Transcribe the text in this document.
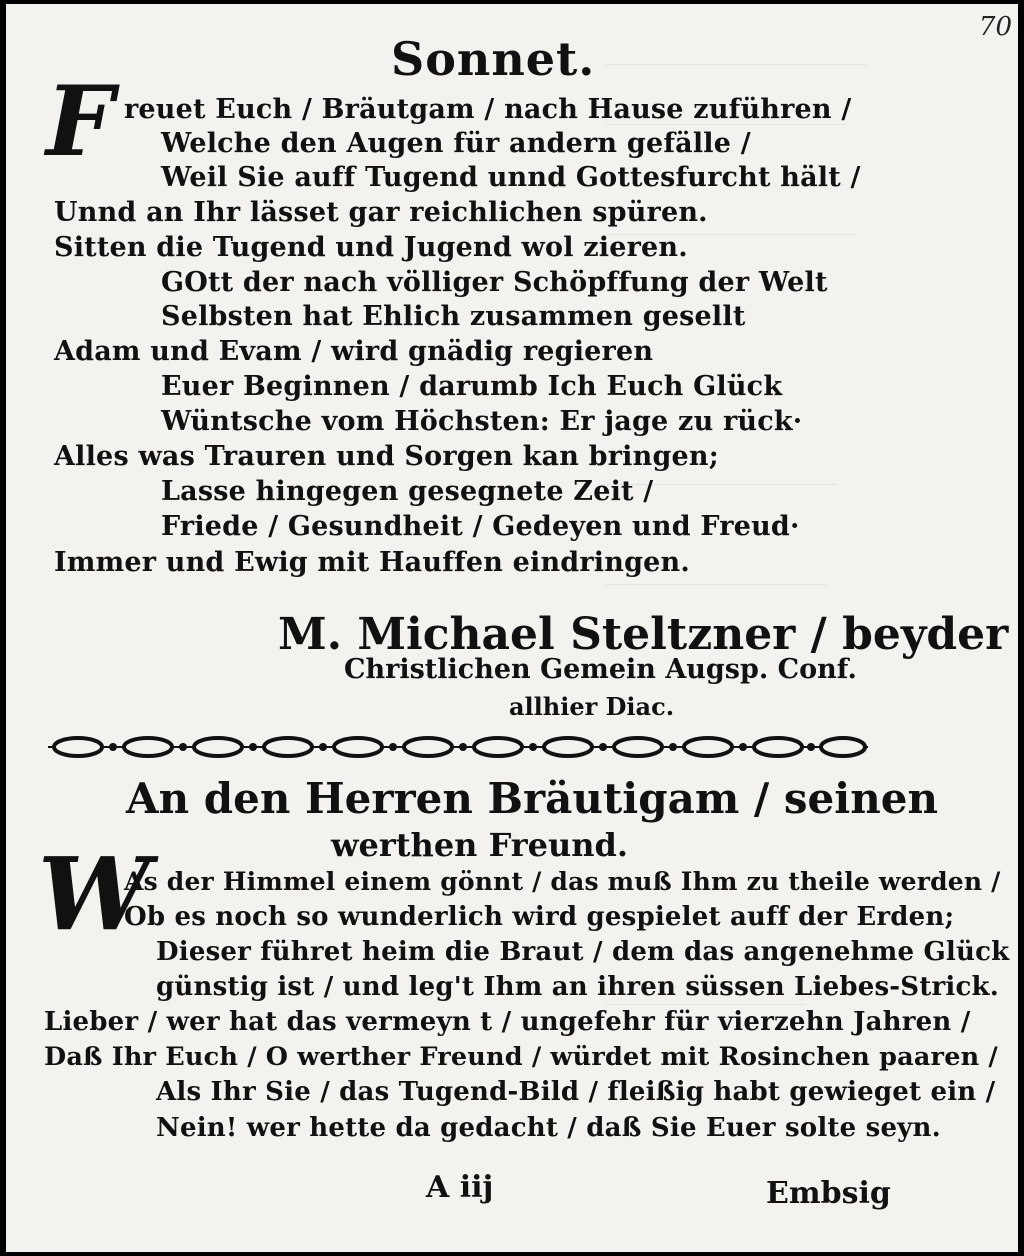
70
Sonnet.
F reuet Euch / Bräutgam / nach Hause zuführen /
Welche den Augen für andern gefälle /
Weil Sie auff Tugend unnd Gottesfurcht hält /
Unnd an Ihr lässet gar reichlichen spüren.
Sitten die Tugend und Jugend wol zieren.
GOtt der nach völliger Schöpffung der Welt
Selbsten hat Ehlich zusammen gesellt
Adam und Evam / wird gnädig regieren
Euer Beginnen / darumb Ich Euch Glück
Wüntsche vom Höchsten: Er jage zu rück·
Alles was Trauren und Sorgen kan bringen;
Lasse hingegen gesegnete Zeit /
Friede / Gesundheit / Gedeyen und Freud·
Immer und Ewig mit Hauffen eindringen.
M. Michael Steltzner / beyder
Christlichen Gemein Augsp. Conf.
allhier Diac.
An den Herren Bräutigam / seinen
werthen Freund.
W
As der Himmel einem gönnt / das muß Ihm zu theile werden /
Ob es noch so wunderlich wird gespielet auff der Erden;
Dieser führet heim die Braut / dem das angenehme Glück
günstig ist / und leg't Ihm an ihren süssen Liebes-Strick.
Lieber / wer hat das vermeyn t / ungefehr für vierzehn Jahren /
Daß Ihr Euch / O werther Freund / würdet mit Rosinchen paaren /
Als Ihr Sie / das Tugend-Bild / fleißig habt gewieget ein /
Nein! wer hette da gedacht / daß Sie Euer solte seyn.
A iij	Embsig
